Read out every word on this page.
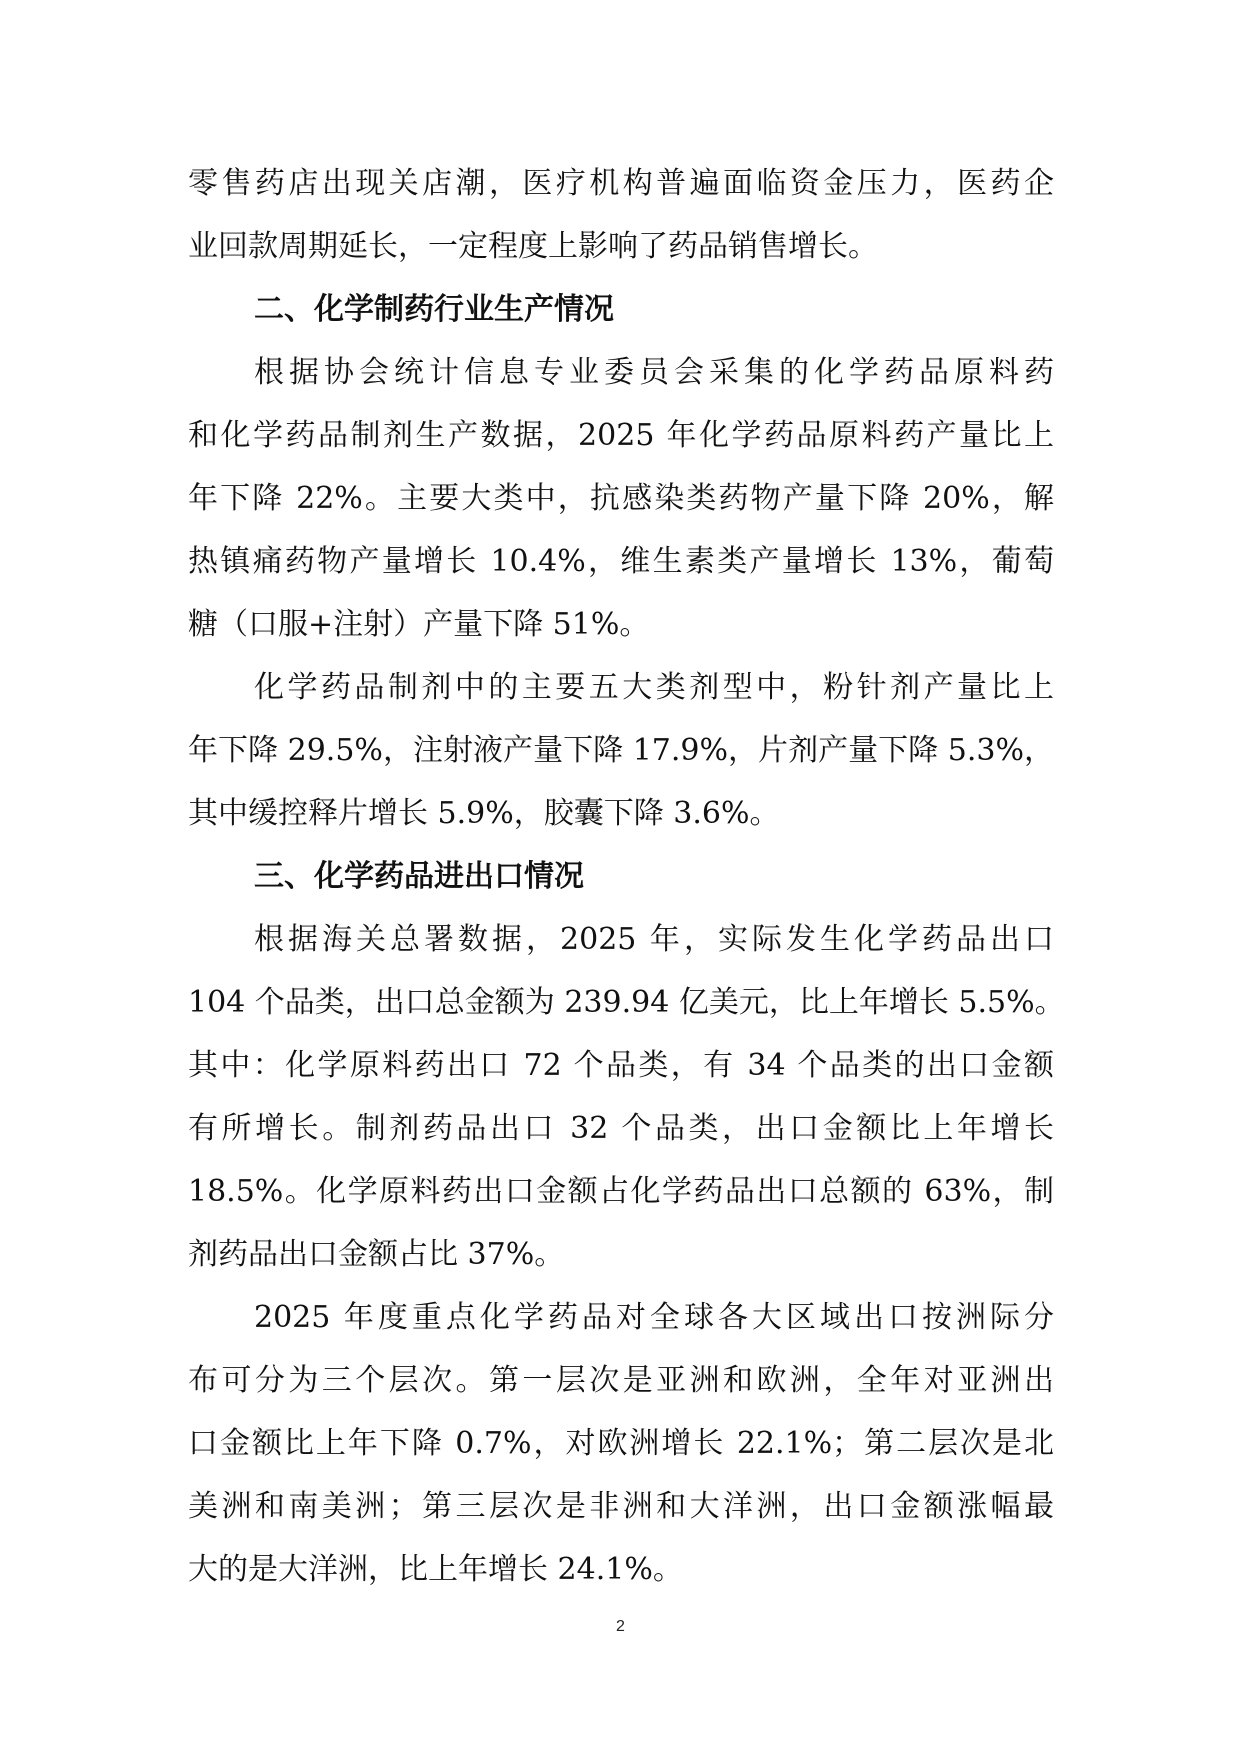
零售药店出现关店潮，医疗机构普遍面临资金压力，医药企
业回款周期延长，一定程度上影响了药品销售增长。
二、化学制药行业生产情况
根据协会统计信息专业委员会采集的化学药品原料药
和化学药品制剂生产数据，2025 年化学药品原料药产量比上
年下降 22%。主要大类中，抗感染类药物产量下降 20%，解
热镇痛药物产量增长 10.4%，维生素类产量增长 13%，葡萄
糖（口服+注射）产量下降 51%。
化学药品制剂中的主要五大类剂型中，粉针剂产量比上
年下降 29.5%，注射液产量下降 17.9%，片剂产量下降 5.3%，
其中缓控释片增长 5.9%，胶囊下降 3.6%。
三、化学药品进出口情况
根据海关总署数据，2025 年，实际发生化学药品出口
104 个品类，出口总金额为 239.94 亿美元，比上年增长 5.5%。
其中：化学原料药出口 72 个品类，有 34 个品类的出口金额
有所增长。制剂药品出口 32 个品类，出口金额比上年增长
18.5%。化学原料药出口金额占化学药品出口总额的 63%，制
剂药品出口金额占比 37%。
2025 年度重点化学药品对全球各大区域出口按洲际分
布可分为三个层次。第一层次是亚洲和欧洲，全年对亚洲出
口金额比上年下降 0.7%，对欧洲增长 22.1%；第二层次是北
美洲和南美洲；第三层次是非洲和大洋洲，出口金额涨幅最
大的是大洋洲，比上年增长 24.1%。
2
